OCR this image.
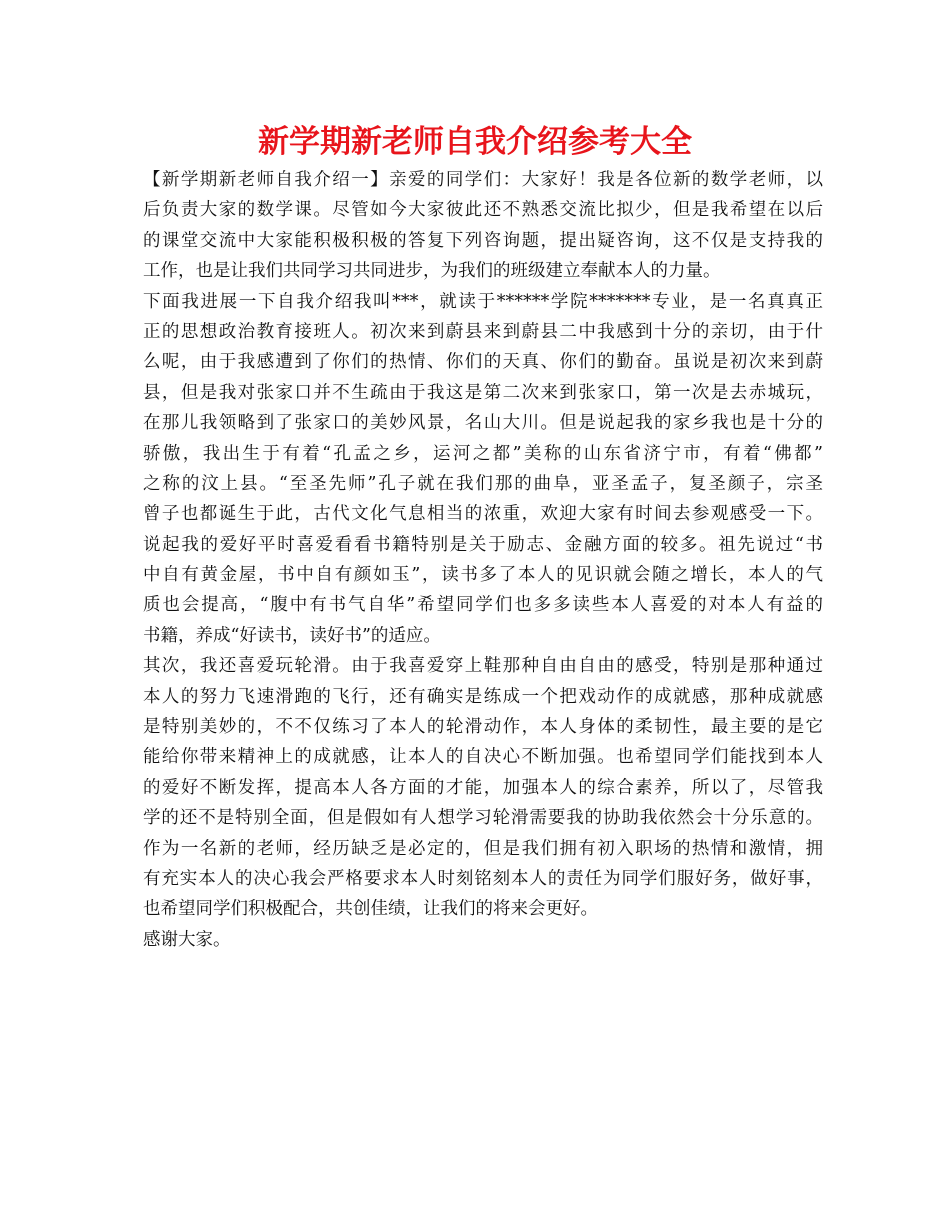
新学期新老师自我介绍参考大全
【新学期新老师自我介绍一】亲爱的同学们：大家好！我是各位新的数学老师，以
后负责大家的数学课。尽管如今大家彼此还不熟悉交流比拟少，但是我希望在以后
的课堂交流中大家能积极积极的答复下列咨询题，提出疑咨询，这不仅是支持我的
工作，也是让我们共同学习共同进步，为我们的班级建立奉献本人的力量。
下面我进展一下自我介绍我叫***，就读于******学院*******专业，是一名真真正
正的思想政治教育接班人。初次来到蔚县来到蔚县二中我感到十分的亲切，由于什
么呢，由于我感遭到了你们的热情、你们的天真、你们的勤奋。虽说是初次来到蔚
县，但是我对张家口并不生疏由于我这是第二次来到张家口，第一次是去赤城玩，
在那儿我领略到了张家口的美妙风景，名山大川。但是说起我的家乡我也是十分的
骄傲，我出生于有着“孔孟之乡，运河之都”美称的山东省济宁市，有着“佛都”
之称的汶上县。“至圣先师”孔子就在我们那的曲阜，亚圣孟子，复圣颜子，宗圣
曾子也都诞生于此，古代文化气息相当的浓重，欢迎大家有时间去参观感受一下。
说起我的爱好平时喜爱看看书籍特别是关于励志、金融方面的较多。祖先说过“书
中自有黄金屋，书中自有颜如玉”，读书多了本人的见识就会随之增长，本人的气
质也会提高，“腹中有书气自华”希望同学们也多多读些本人喜爱的对本人有益的
书籍，养成“好读书，读好书”的适应。
其次，我还喜爱玩轮滑。由于我喜爱穿上鞋那种自由自由的感受，特别是那种通过
本人的努力飞速滑跑的飞行，还有确实是练成一个把戏动作的成就感，那种成就感
是特别美妙的，不不仅练习了本人的轮滑动作，本人身体的柔韧性，最主要的是它
能给你带来精神上的成就感，让本人的自决心不断加强。也希望同学们能找到本人
的爱好不断发挥，提高本人各方面的才能，加强本人的综合素养，所以了，尽管我
学的还不是特别全面，但是假如有人想学习轮滑需要我的协助我依然会十分乐意的。
作为一名新的老师，经历缺乏是必定的，但是我们拥有初入职场的热情和激情，拥
有充实本人的决心我会严格要求本人时刻铭刻本人的责任为同学们服好务，做好事，
也希望同学们积极配合，共创佳绩，让我们的将来会更好。
感谢大家。
